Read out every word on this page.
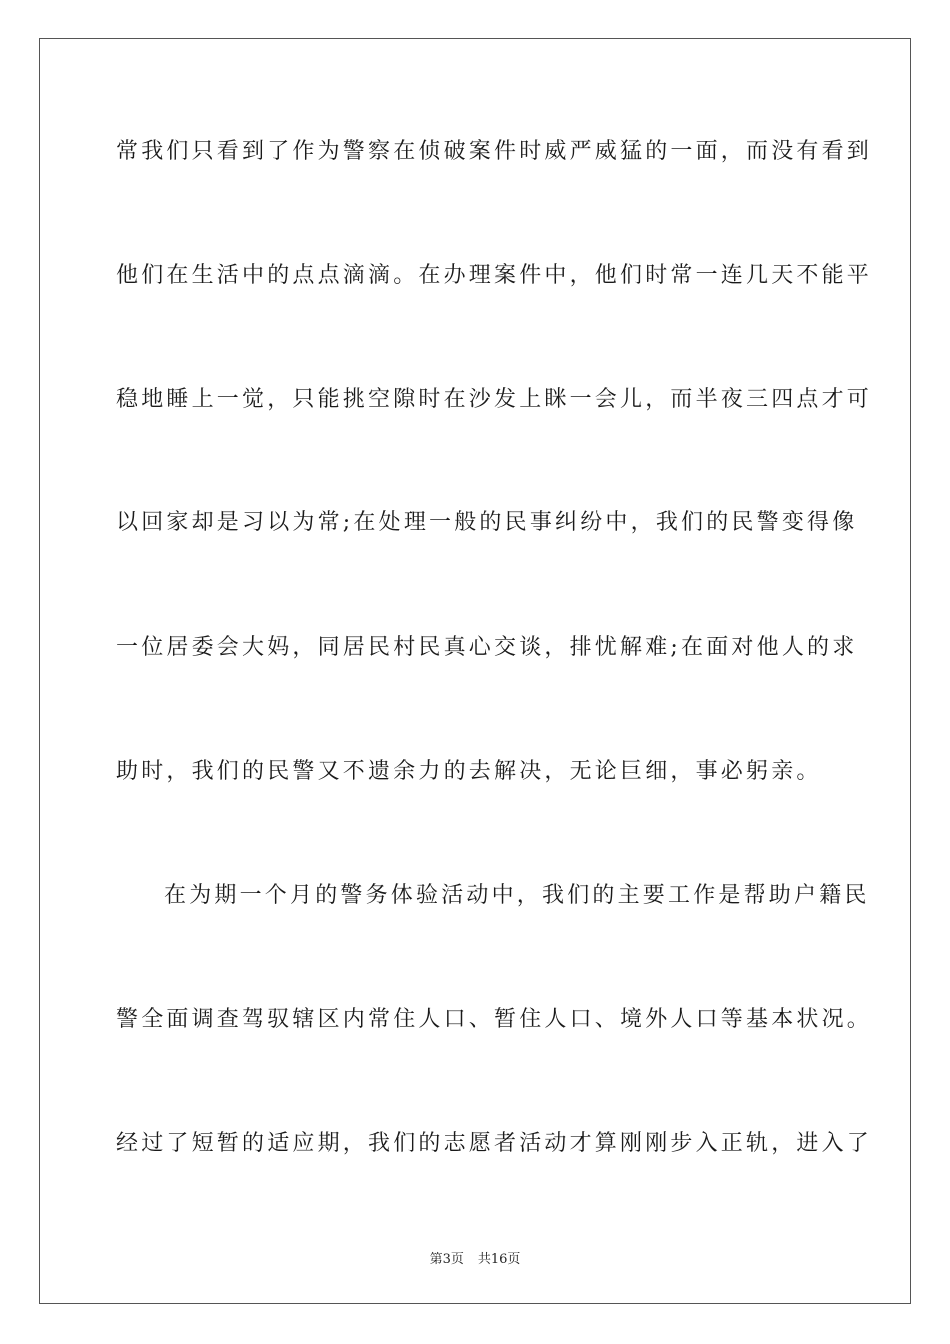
常我们只看到了作为警察在侦破案件时威严威猛的一面，而没有看到
他们在生活中的点点滴滴。在办理案件中，他们时常一连几天不能平
稳地睡上一觉，只能挑空隙时在沙发上眯一会儿，而半夜三四点才可
以回家却是习以为常;在处理一般的民事纠纷中，我们的民警变得像
一位居委会大妈，同居民村民真心交谈，排忧解难;在面对他人的求
助时，我们的民警又不遗余力的去解决，无论巨细，事必躬亲。
在为期一个月的警务体验活动中，我们的主要工作是帮助户籍民
警全面调查驾驭辖区内常住人口、暂住人口、境外人口等基本状况。
经过了短暂的适应期，我们的志愿者活动才算刚刚步入正轨，进入了
第3页 共16页
